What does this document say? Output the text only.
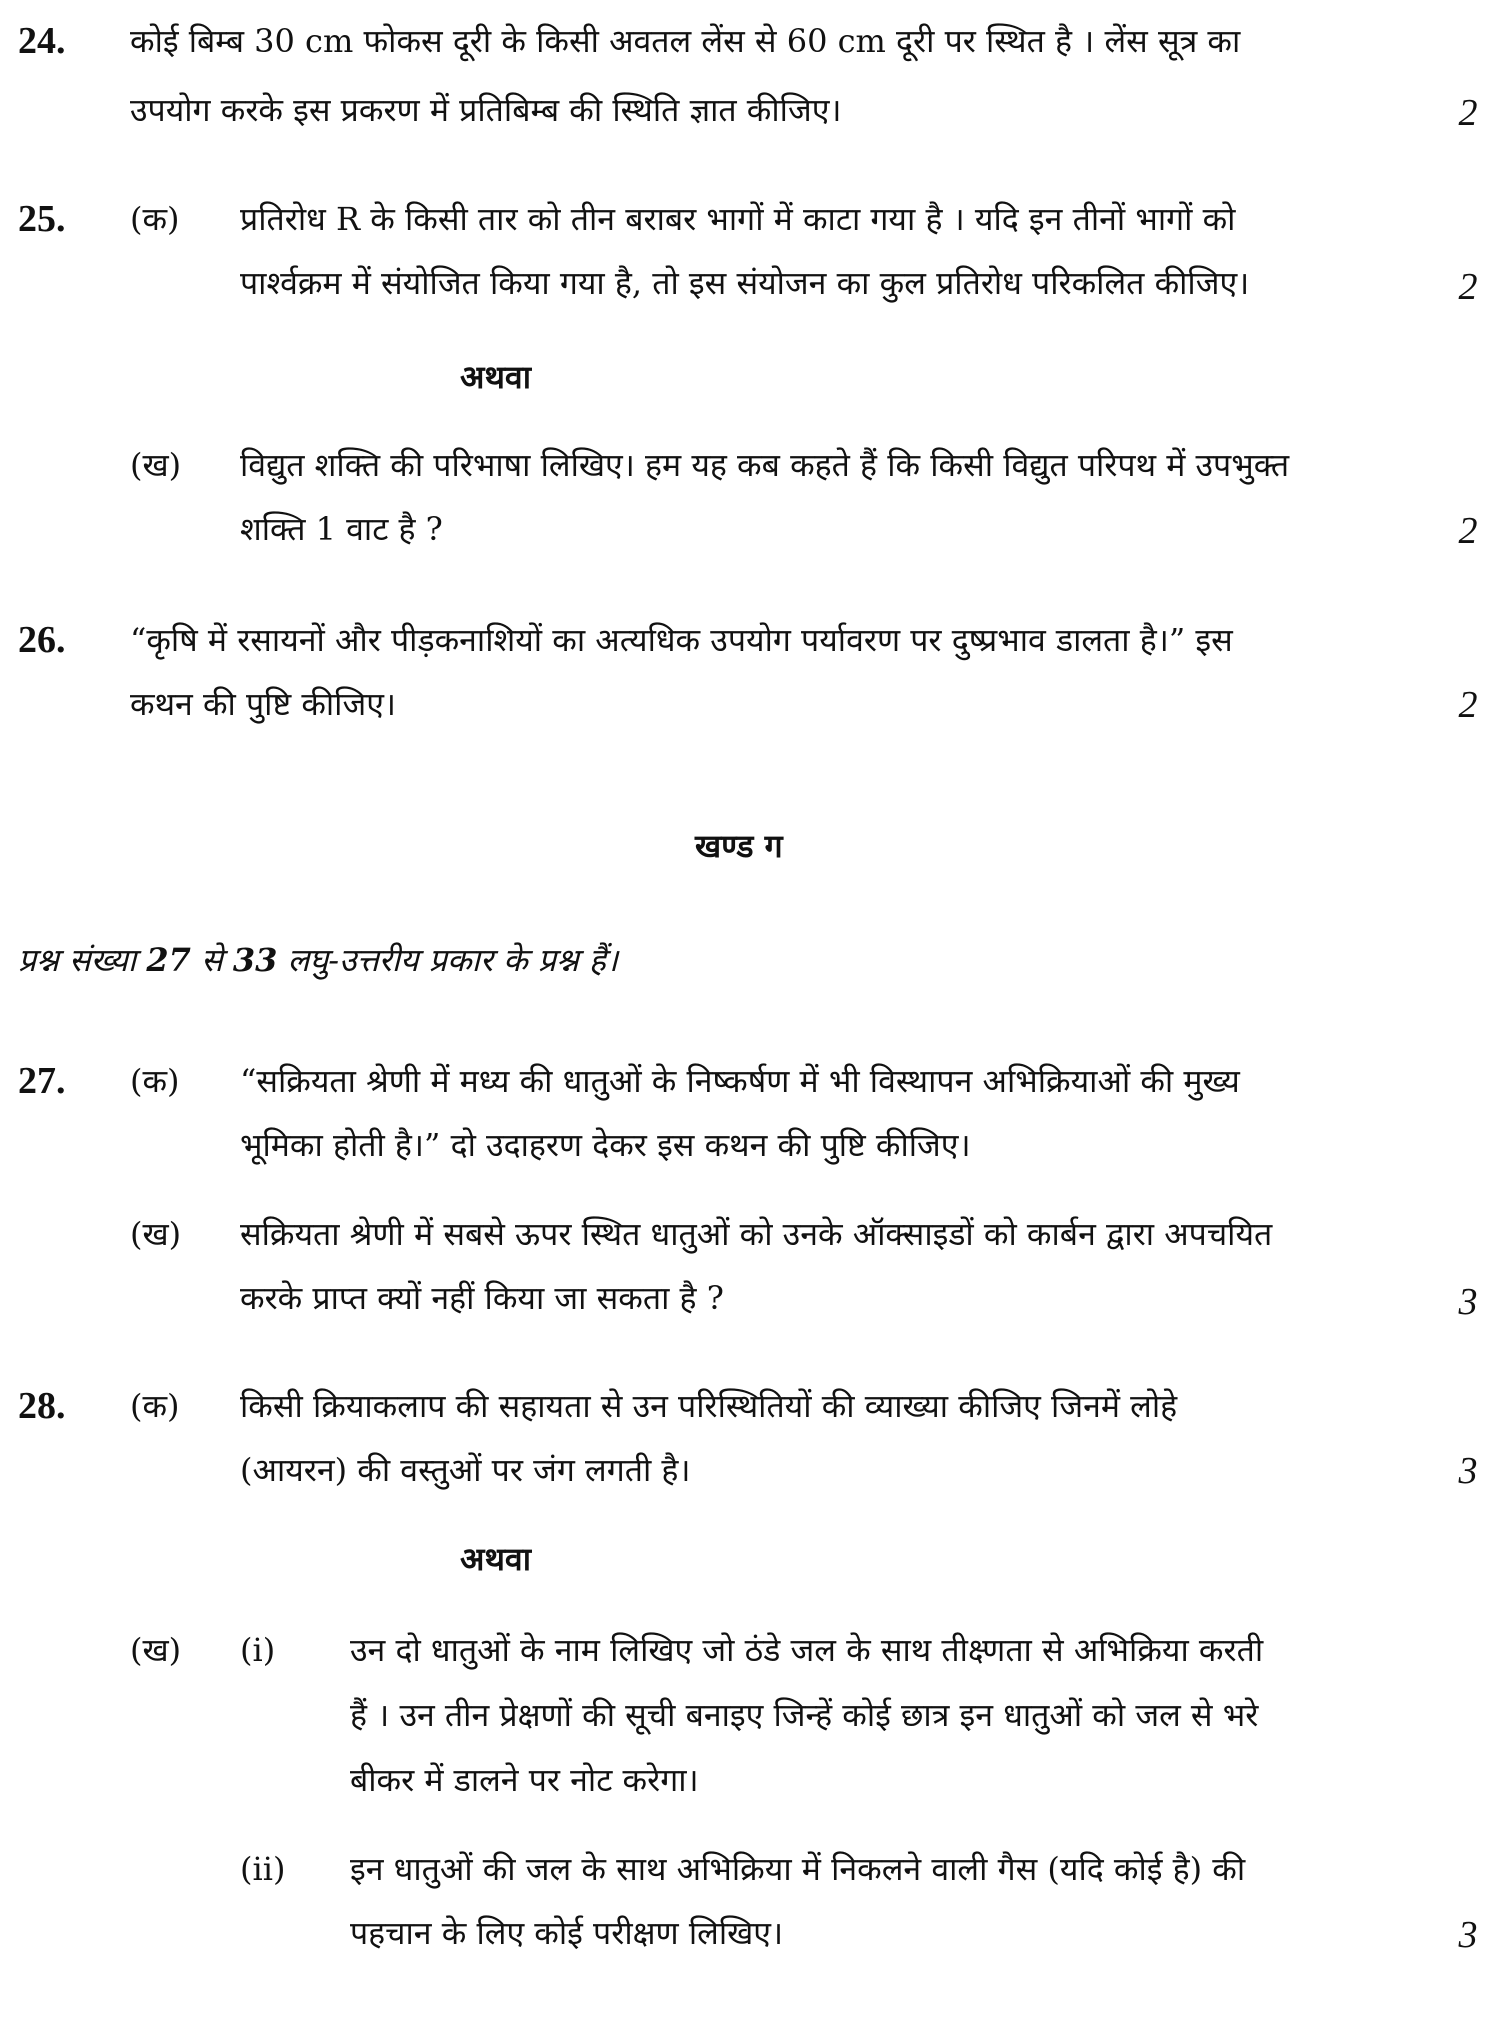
24. कोई बिम्ब 30 cm फोकस दूरी के किसी अवतल लेंस से 60 cm दूरी पर स्थित है । लेंस सूत्र का
उपयोग करके इस प्रकरण में प्रतिबिम्ब की स्थिति ज्ञात कीजिए।	2
25. (क) प्रतिरोध R के किसी तार को तीन बराबर भागों में काटा गया है । यदि इन तीनों भागों को
पार्श्वक्रम में संयोजित किया गया है, तो इस संयोजन का कुल प्रतिरोध परिकलित कीजिए।	2
अथवा
(ख) विद्युत शक्ति की परिभाषा लिखिए। हम यह कब कहते हैं कि किसी विद्युत परिपथ में उपभुक्त
शक्ति 1 वाट है ?	2
26. “कृषि में रसायनों और पीड़कनाशियों का अत्यधिक उपयोग पर्यावरण पर दुष्प्रभाव डालता है।” इस
कथन की पुष्टि कीजिए।	2
खण्ड ग
प्रश्न संख्या 27 से 33 लघु-उत्तरीय प्रकार के प्रश्न हैं।
27. (क) “सक्रियता श्रेणी में मध्य की धातुओं के निष्कर्षण में भी विस्थापन अभिक्रियाओं की मुख्य
भूमिका होती है।” दो उदाहरण देकर इस कथन की पुष्टि कीजिए।
(ख) सक्रियता श्रेणी में सबसे ऊपर स्थित धातुओं को उनके ऑक्साइडों को कार्बन द्वारा अपचयित
करके प्राप्त क्यों नहीं किया जा सकता है ?	3
28. (क) किसी क्रियाकलाप की सहायता से उन परिस्थितियों की व्याख्या कीजिए जिनमें लोहे
(आयरन) की वस्तुओं पर जंग लगती है।	3
अथवा
(ख) (i) उन दो धातुओं के नाम लिखिए जो ठंडे जल के साथ तीक्ष्णता से अभिक्रिया करती
हैं । उन तीन प्रेक्षणों की सूची बनाइए जिन्हें कोई छात्र इन धातुओं को जल से भरे
बीकर में डालने पर नोट करेगा।
(ii) इन धातुओं की जल के साथ अभिक्रिया में निकलने वाली गैस (यदि कोई है) की
पहचान के लिए कोई परीक्षण लिखिए।	3
